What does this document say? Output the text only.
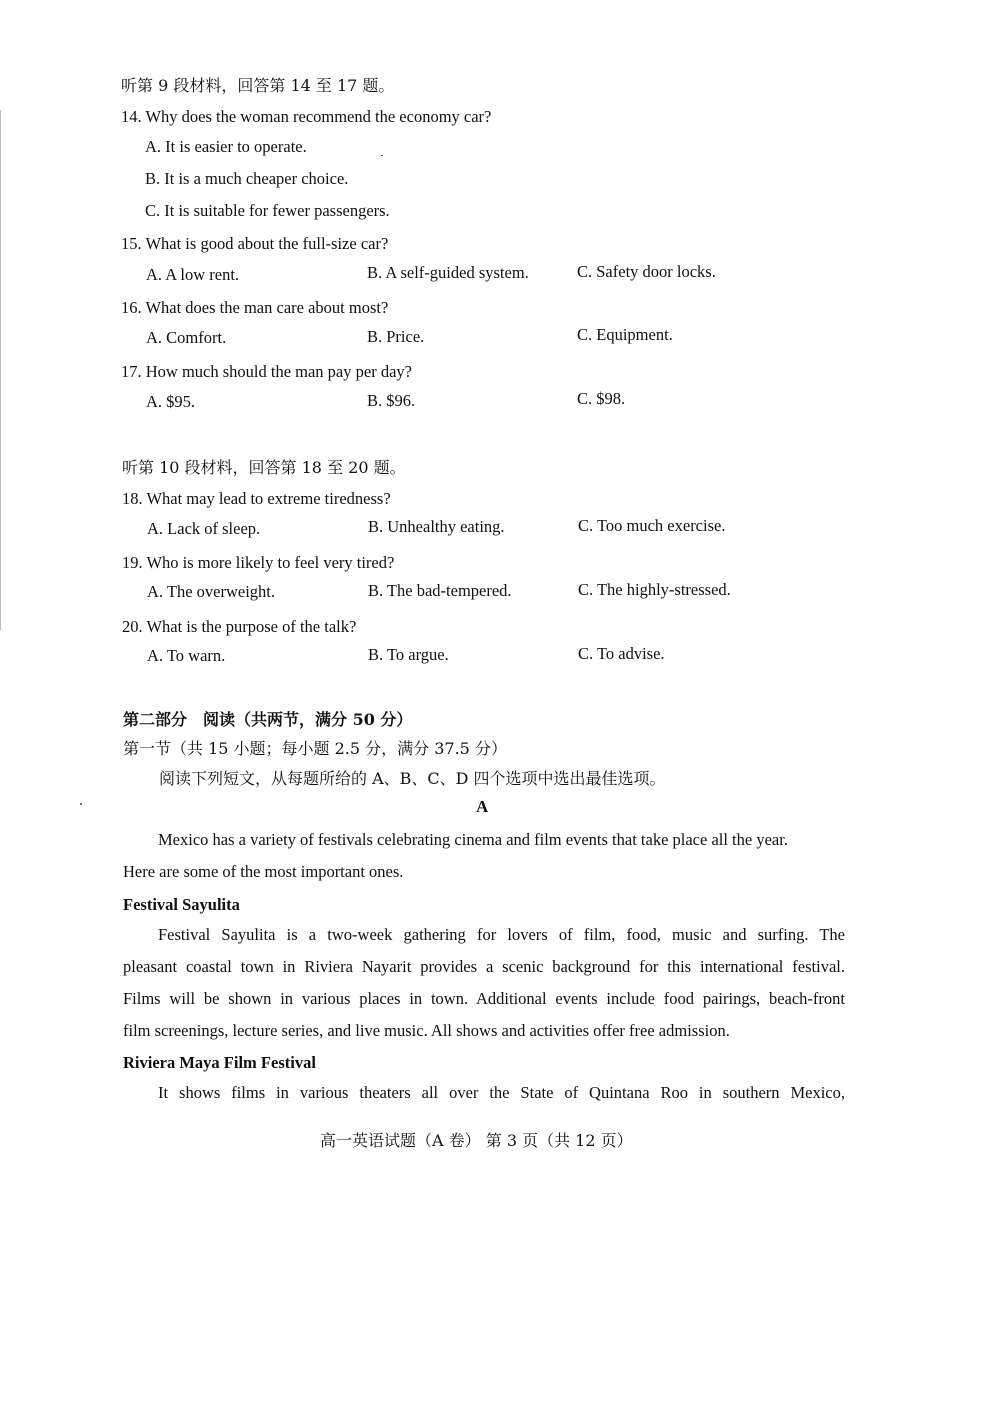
听第 9 段材料，回答第 14 至 17 题。
14. Why does the woman recommend the economy car?
A. It is easier to operate.
B. It is a much cheaper choice.
C. It is suitable for fewer passengers.
15. What is good about the full-size car?
A. A low rent.	B. A self-guided system.	C. Safety door locks.
16. What does the man care about most?
A. Comfort.	B. Price.	C. Equipment.
17. How much should the man pay per day?
A. $95.	B. $96.	C. $98.
听第 10 段材料，回答第 18 至 20 题。
18. What may lead to extreme tiredness?
A. Lack of sleep.	B. Unhealthy eating.	C. Too much exercise.
19. Who is more likely to feel very tired?
A. The overweight.	B. The bad-tempered.	C. The highly-stressed.
20. What is the purpose of the talk?
A. To warn.	B. To argue.	C. To advise.
第二部分　阅读（共两节，满分 50 分）
第一节（共 15 小题；每小题 2.5 分，满分 37.5 分）
阅读下列短文，从每题所给的 A、B、C、D 四个选项中选出最佳选项。
A
Mexico has a variety of festivals celebrating cinema and film events that take place all the year.
Here are some of the most important ones.
Festival Sayulita
Festival Sayulita is a two-week gathering for lovers of film, food, music and surfing. The
pleasant coastal town in Riviera Nayarit provides a scenic background for this international festival.
Films will be shown in various places in town. Additional events include food pairings, beach-front
film screenings, lecture series, and live music. All shows and activities offer free admission.
Riviera Maya Film Festival
It shows films in various theaters all over the State of Quintana Roo in southern Mexico,
高一英语试题（A 卷） 第 3 页（共 12 页）
